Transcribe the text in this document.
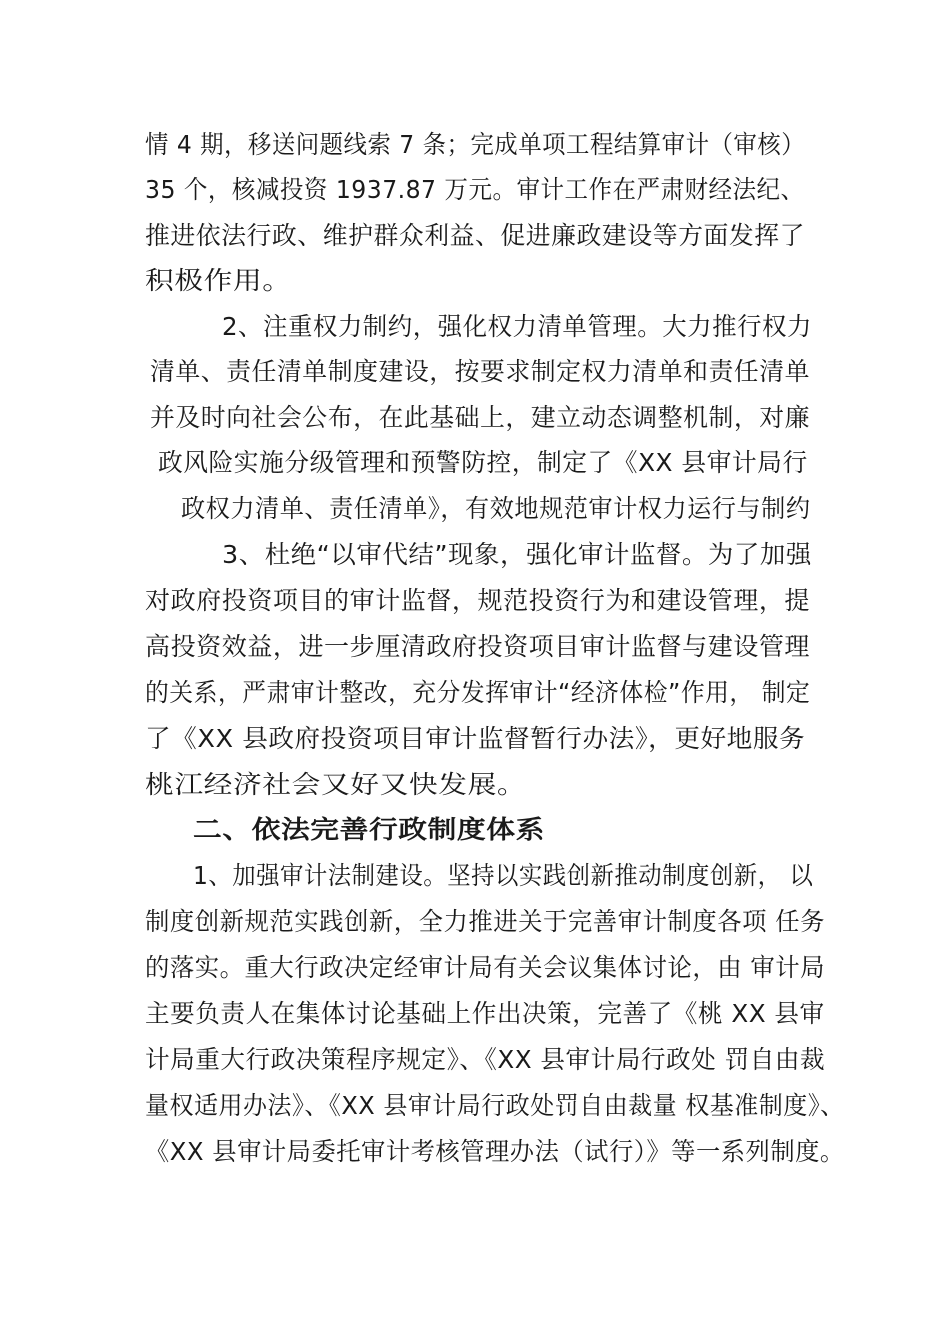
情 4 期，移送问题线索 7 条；完成单项工程结算审计（审核）
35 个，核减投资 1937.87 万元。审计工作在严肃财经法纪、
推进依法行政、维护群众利益、促进廉政建设等方面发挥了
积极作用。
2、注重权力制约，强化权力清单管理。大力推行权力
清单、责任清单制度建设，按要求制定权力清单和责任清单
并及时向社会公布，在此基础上，建立动态调整机制，对廉
政风险实施分级管理和预警防控，制定了《XX 县审计局行
政权力清单、责任清单》，有效地规范审计权力运行与制约
3、杜绝“以审代结”现象，强化审计监督。为了加强
对政府投资项目的审计监督，规范投资行为和建设管理，提
高投资效益，进一步厘清政府投资项目审计监督与建设管理
的关系，严肃审计整改，充分发挥审计“经济体检”作用， 制定
了《XX 县政府投资项目审计监督暂行办法》，更好地服务
桃江经济社会又好又快发展。
二、依法完善行政制度体系
1、加强审计法制建设。坚持以实践创新推动制度创新， 以
制度创新规范实践创新，全力推进关于完善审计制度各项 任务
的落实。重大行政决定经审计局有关会议集体讨论，由 审计局
主要负责人在集体讨论基础上作出决策，完善了《桃 XX 县审
计局重大行政决策程序规定》、《XX 县审计局行政处 罚自由裁
量权适用办法》、《XX 县审计局行政处罚自由裁量 权基准制度》、
《XX 县审计局委托审计考核管理办法（试行）》等一系列制度。
